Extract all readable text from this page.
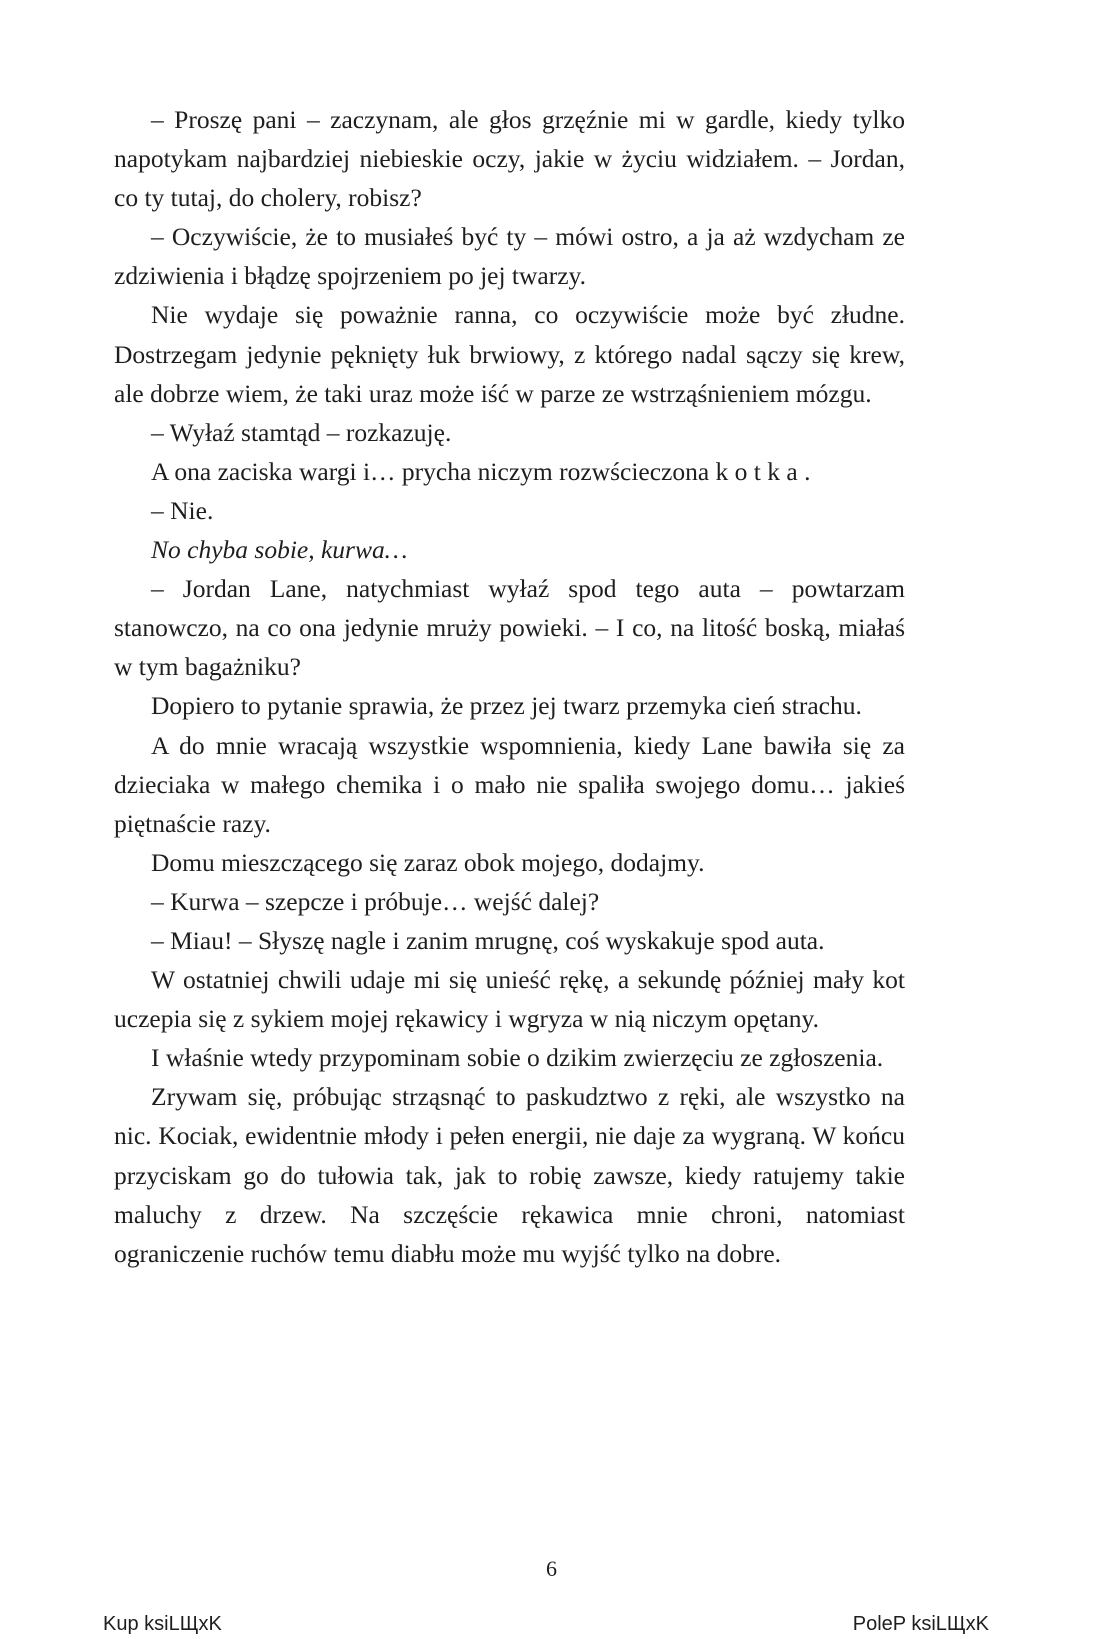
– Proszę pani – zaczynam, ale głos grzęźnie mi w gardle, kiedy tylko napotykam najbardziej niebieskie oczy, jakie w życiu widziałem. – Jordan, co ty tutaj, do cholery, robisz?

– Oczywiście, że to musiałeś być ty – mówi ostro, a ja aż wzdycham ze zdziwienia i błądzę spojrzeniem po jej twarzy.

Nie wydaje się poważnie ranna, co oczywiście może być złudne. Dostrzegam jedynie pęknięty łuk brwiowy, z którego nadal sączy się krew, ale dobrze wiem, że taki uraz może iść w parze ze wstrząśnieniem mózgu.

– Wyłaź stamtąd – rozkazuję.

A ona zaciska wargi i… prycha niczym rozwścieczona k o t k a .

– Nie.

No chyba sobie, kurwa…

– Jordan Lane, natychmiast wyłaź spod tego auta – powtarzam stanowczo, na co ona jedynie mruży powieki. – I co, na litość boską, miałaś w tym bagażniku?

Dopiero to pytanie sprawia, że przez jej twarz przemyka cień strachu.

A do mnie wracają wszystkie wspomnienia, kiedy Lane bawiła się za dzieciaka w małego chemika i o mało nie spaliła swojego domu… jakieś piętnaście razy.

Domu mieszczącego się zaraz obok mojego, dodajmy.

– Kurwa – szepcze i próbuje… wejść dalej?

– Miau! – Słyszę nagle i zanim mrugnę, coś wyskakuje spod auta.

W ostatniej chwili udaje mi się unieść rękę, a sekundę później mały kot uczepia się z sykiem mojej rękawicy i wgryza w nią niczym opętany.

I właśnie wtedy przypominam sobie o dzikim zwierzęciu ze zgłoszenia.

Zrywam się, próbując strząsnąć to paskudztwo z ręki, ale wszystko na nic. Kociak, ewidentnie młody i pełen energii, nie daje za wygraną. W końcu przyciskam go do tułowia tak, jak to robię zawsze, kiedy ratujemy takie maluchy z drzew. Na szczęście rękawica mnie chroni, natomiast ograniczenie ruchów temu diabłu może mu wyjść tylko na dobre.

6
Kup ksiLЩxK	PoleP ksiLЩxK
